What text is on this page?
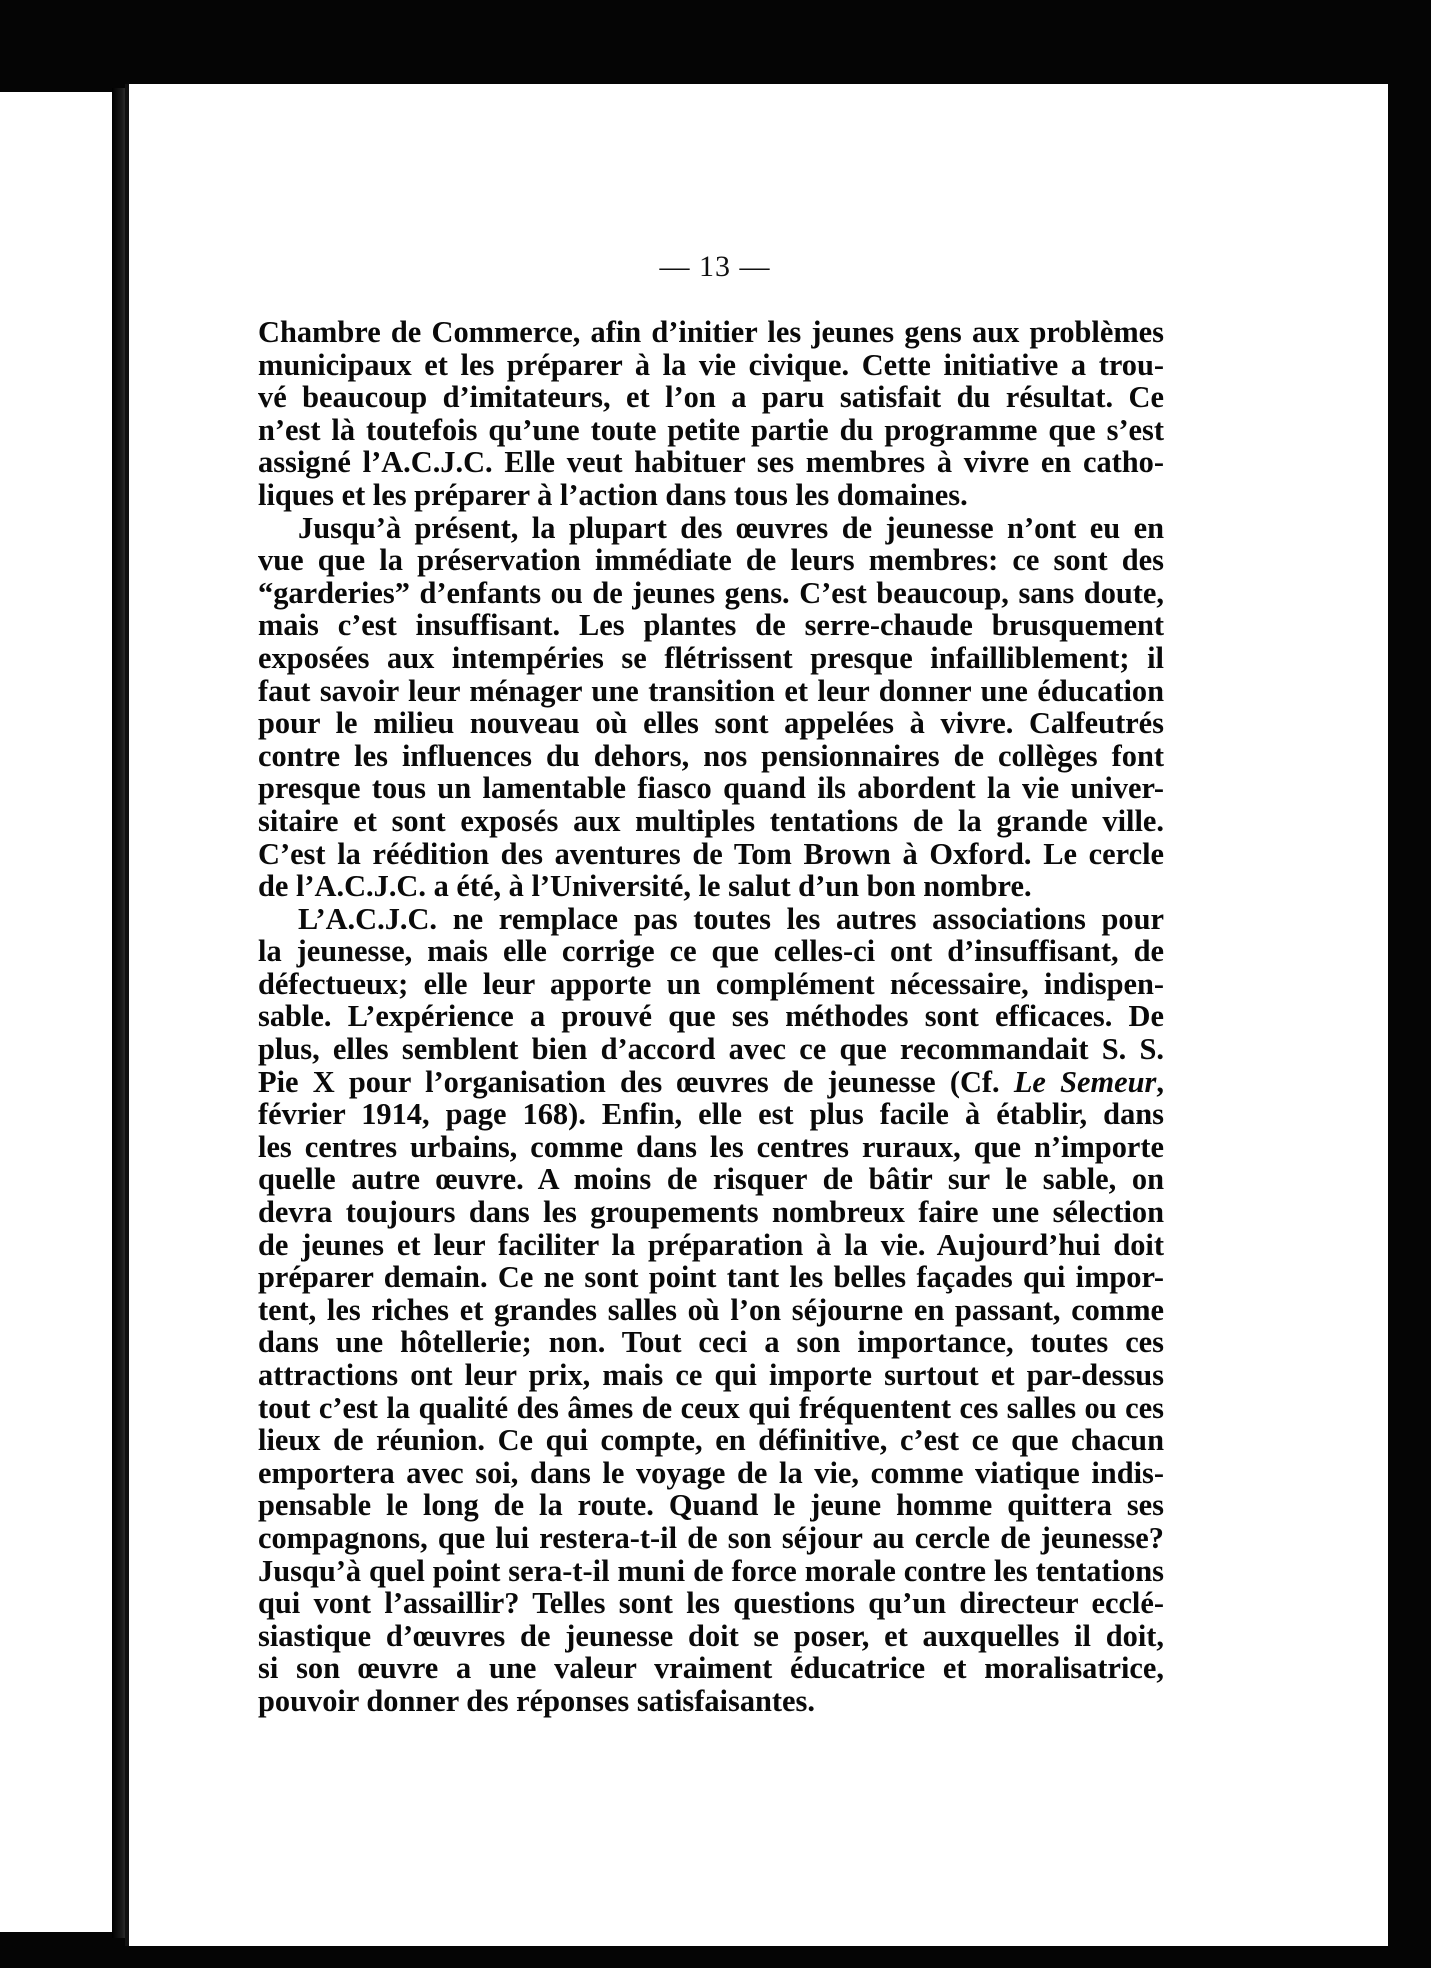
— 13 —

Chambre de Commerce, afin d’initier les jeunes gens aux problèmes
municipaux et les préparer à la vie civique. Cette initiative a trou-
vé beaucoup d’imitateurs, et l’on a paru satisfait du résultat. Ce
n’est là toutefois qu’une toute petite partie du programme que s’est
assigné l’A.C.J.C. Elle veut habituer ses membres à vivre en catho-
liques et les préparer à l’action dans tous les domaines.

Jusqu’à présent, la plupart des œuvres de jeunesse n’ont eu en
vue que la préservation immédiate de leurs membres: ce sont des
“garderies” d’enfants ou de jeunes gens. C’est beaucoup, sans doute,
mais c’est insuffisant. Les plantes de serre-chaude brusquement
exposées aux intempéries se flétrissent presque infailliblement; il
faut savoir leur ménager une transition et leur donner une éducation
pour le milieu nouveau où elles sont appelées à vivre. Calfeutrés
contre les influences du dehors, nos pensionnaires de collèges font
presque tous un lamentable fiasco quand ils abordent la vie univer-
sitaire et sont exposés aux multiples tentations de la grande ville.
C’est la réédition des aventures de Tom Brown à Oxford. Le cercle
de l’A.C.J.C. a été, à l’Université, le salut d’un bon nombre.

L’A.C.J.C. ne remplace pas toutes les autres associations pour
la jeunesse, mais elle corrige ce que celles-ci ont d’insuffisant, de
défectueux; elle leur apporte un complément nécessaire, indispen-
sable. L’expérience a prouvé que ses méthodes sont efficaces. De
plus, elles semblent bien d’accord avec ce que recommandait S. S.
Pie X pour l’organisation des œuvres de jeunesse (Cf. Le Semeur,
février 1914, page 168). Enfin, elle est plus facile à établir, dans
les centres urbains, comme dans les centres ruraux, que n’importe
quelle autre œuvre. A moins de risquer de bâtir sur le sable, on
devra toujours dans les groupements nombreux faire une sélection
de jeunes et leur faciliter la préparation à la vie. Aujourd’hui doit
préparer demain. Ce ne sont point tant les belles façades qui impor-
tent, les riches et grandes salles où l’on séjourne en passant, comme
dans une hôtellerie; non. Tout ceci a son importance, toutes ces
attractions ont leur prix, mais ce qui importe surtout et par-dessus
tout c’est la qualité des âmes de ceux qui fréquentent ces salles ou ces
lieux de réunion. Ce qui compte, en définitive, c’est ce que chacun
emportera avec soi, dans le voyage de la vie, comme viatique indis-
pensable le long de la route. Quand le jeune homme quittera ses
compagnons, que lui restera-t-il de son séjour au cercle de jeunesse?
Jusqu’à quel point sera-t-il muni de force morale contre les tentations
qui vont l’assaillir? Telles sont les questions qu’un directeur ecclé-
siastique d’œuvres de jeunesse doit se poser, et auxquelles il doit,
si son œuvre a une valeur vraiment éducatrice et moralisatrice,
pouvoir donner des réponses satisfaisantes.
